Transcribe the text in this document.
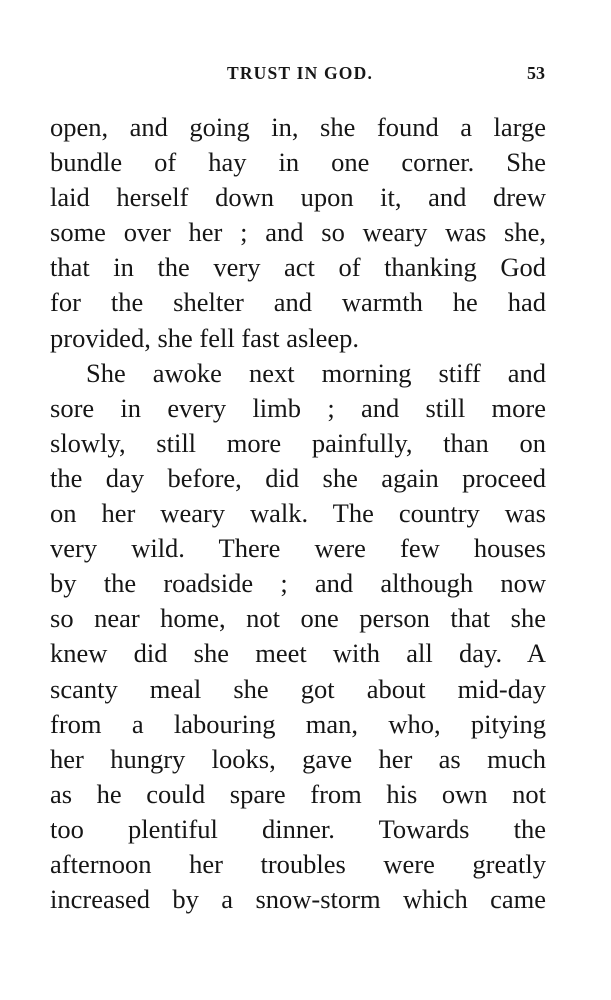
TRUST IN GOD.	53
open, and going in, she found a large
bundle of hay in one corner. She
laid herself down upon it, and drew
some over her ; and so weary was she,
that in the very act of thanking God
for the shelter and warmth he had
provided, she fell fast asleep.
She awoke next morning stiff and
sore in every limb ; and still more
slowly, still more painfully, than on
the day before, did she again proceed
on her weary walk. The country was
very wild. There were few houses
by the roadside ; and although now
so near home, not one person that she
knew did she meet with all day. A
scanty meal she got about mid-day
from a labouring man, who, pitying
her hungry looks, gave her as much
as he could spare from his own not
too plentiful dinner. Towards the
afternoon her troubles were greatly
increased by a snow-storm which came
